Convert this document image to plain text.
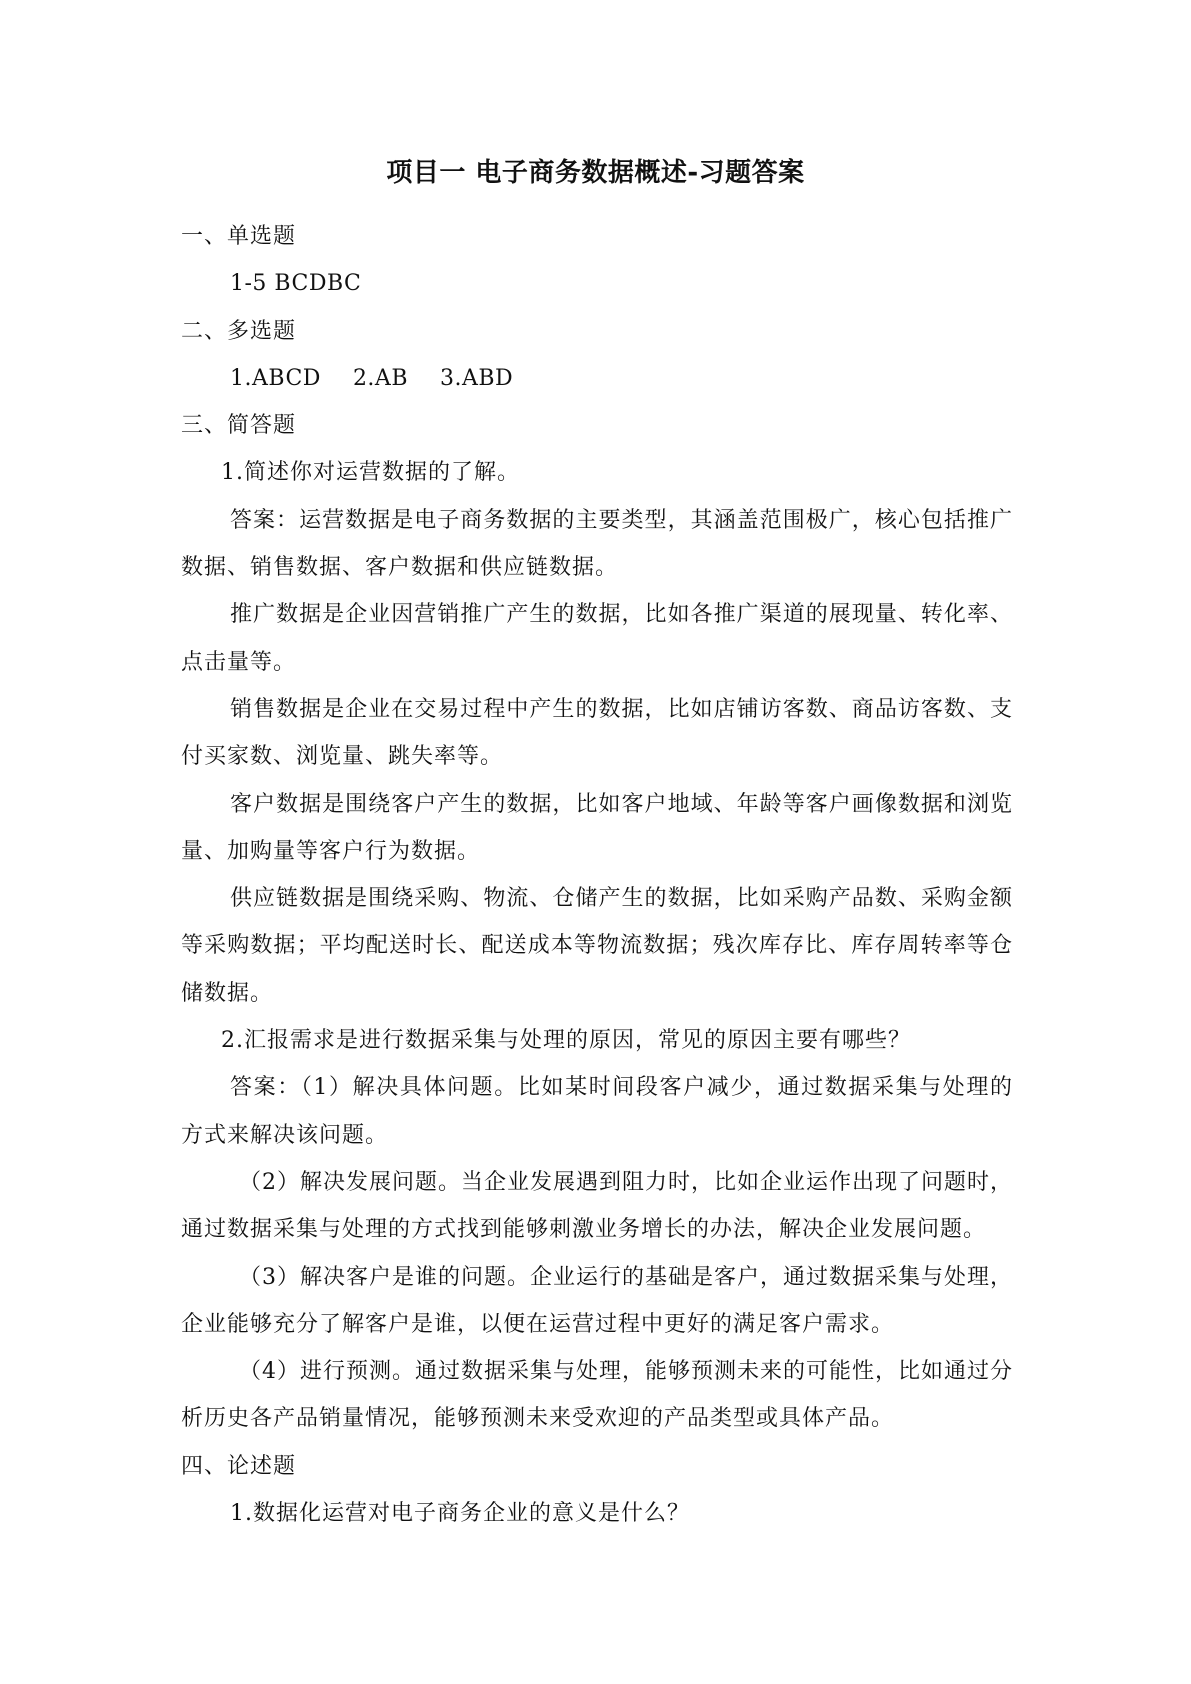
项目一 电子商务数据概述-习题答案

一、单选题

1-5 BCDBC

二、多选题

1.ABCD 2.AB 3.ABD

三、简答题

1.简述你对运营数据的了解。

答案：运营数据是电子商务数据的主要类型，其涵盖范围极广，核心包括推广数据、销售数据、客户数据和供应链数据。

推广数据是企业因营销推广产生的数据，比如各推广渠道的展现量、转化率、点击量等。

销售数据是企业在交易过程中产生的数据，比如店铺访客数、商品访客数、支付买家数、浏览量、跳失率等。

客户数据是围绕客户产生的数据，比如客户地域、年龄等客户画像数据和浏览量、加购量等客户行为数据。

供应链数据是围绕采购、物流、仓储产生的数据，比如采购产品数、采购金额等采购数据；平均配送时长、配送成本等物流数据；残次库存比、库存周转率等仓储数据。

2.汇报需求是进行数据采集与处理的原因，常见的原因主要有哪些？

答案：（1）解决具体问题。比如某时间段客户减少，通过数据采集与处理的方式来解决该问题。

（2）解决发展问题。当企业发展遇到阻力时，比如企业运作出现了问题时，通过数据采集与处理的方式找到能够刺激业务增长的办法，解决企业发展问题。

（3）解决客户是谁的问题。企业运行的基础是客户，通过数据采集与处理，企业能够充分了解客户是谁，以便在运营过程中更好的满足客户需求。

（4）进行预测。通过数据采集与处理，能够预测未来的可能性，比如通过分析历史各产品销量情况，能够预测未来受欢迎的产品类型或具体产品。

四、论述题

1.数据化运营对电子商务企业的意义是什么？
